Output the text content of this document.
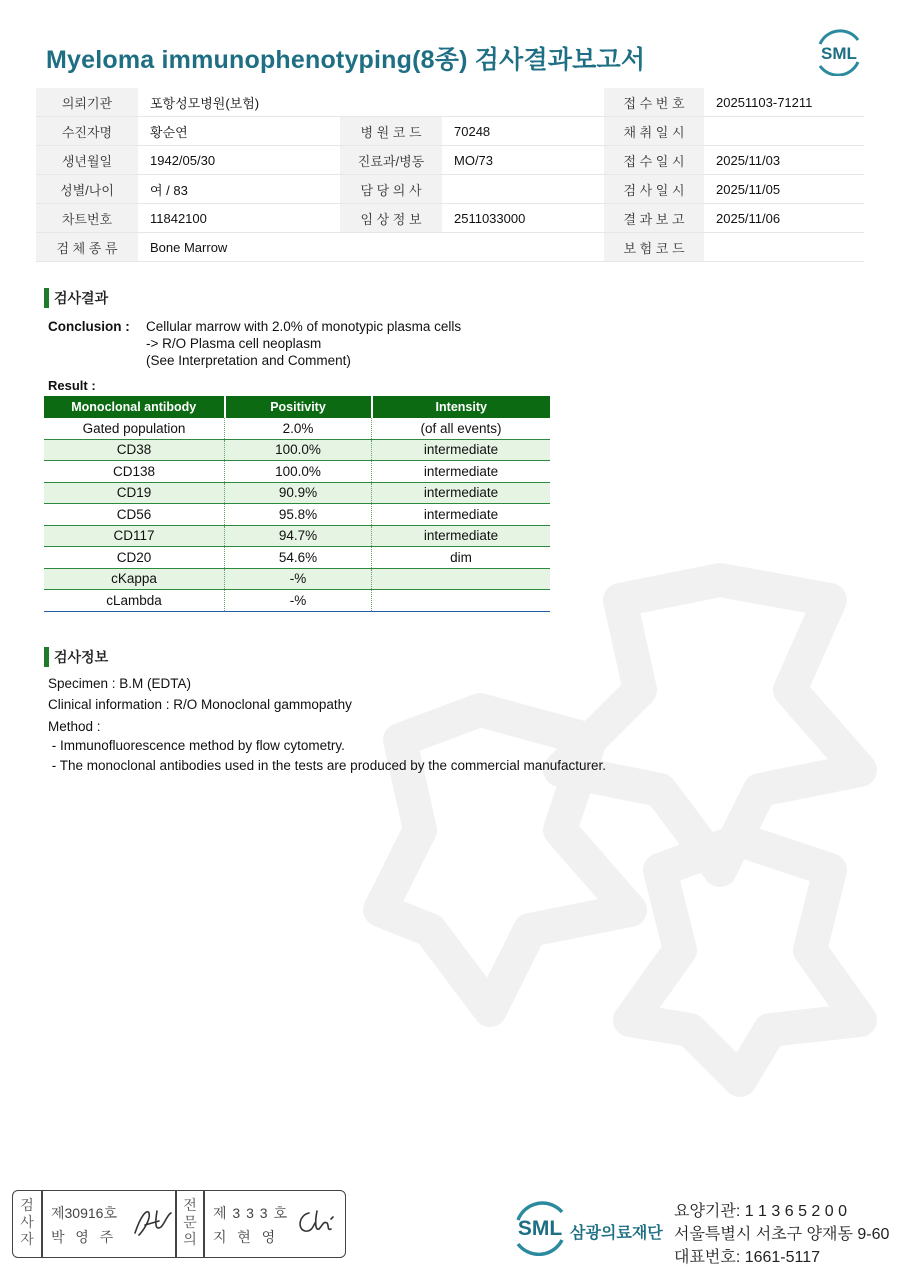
Myeloma immunophenotyping(8종) 검사결과보고서	SML
의뢰기관	포항성모병원(보험)			접 수 번 호	20251103-71211
수진자명	황순연	병 원 코 드	70248	채 취 일 시	
생년월일	1942/05/30	진료과/병동	MO/73	접 수 일 시	2025/11/03
성별/나이	여 / 83	담 당 의 사		검 사 일 시	2025/11/05
차트번호	11842100	임 상 정 보	2511033000	결 과 보 고	2025/11/06
검 체 종 류	Bone Marrow			보 험 코 드	
검사결과
Conclusion :	Cellular marrow with 2.0% of monotypic plasma cells
-> R/O Plasma cell neoplasm
(See Interpretation and Comment)
Result :
Monoclonal antibody	Positivity	Intensity
Gated population	2.0%	(of all events)
CD38	100.0%	intermediate
CD138	100.0%	intermediate
CD19	90.9%	intermediate
CD56	95.8%	intermediate
CD117	94.7%	intermediate
CD20	54.6%	dim
cKappa	-%	
cLambda	-%	
검사정보
Specimen : B.M (EDTA)
Clinical information : R/O Monoclonal gammopathy
Method :
- Immunofluorescence method by flow cytometry.
- The monoclonal antibodies used in the tests are produced by the commercial manufacturer.
검
사
자
제30916호
박  영  주
전
문
의
제 3 3 3 호
지  현  영	SML 삼광의료재단
요양기관: 1 1 3 6 5 2 0 0
서울특별시 서초구 양재동 9-60
대표번호: 1661-5117
